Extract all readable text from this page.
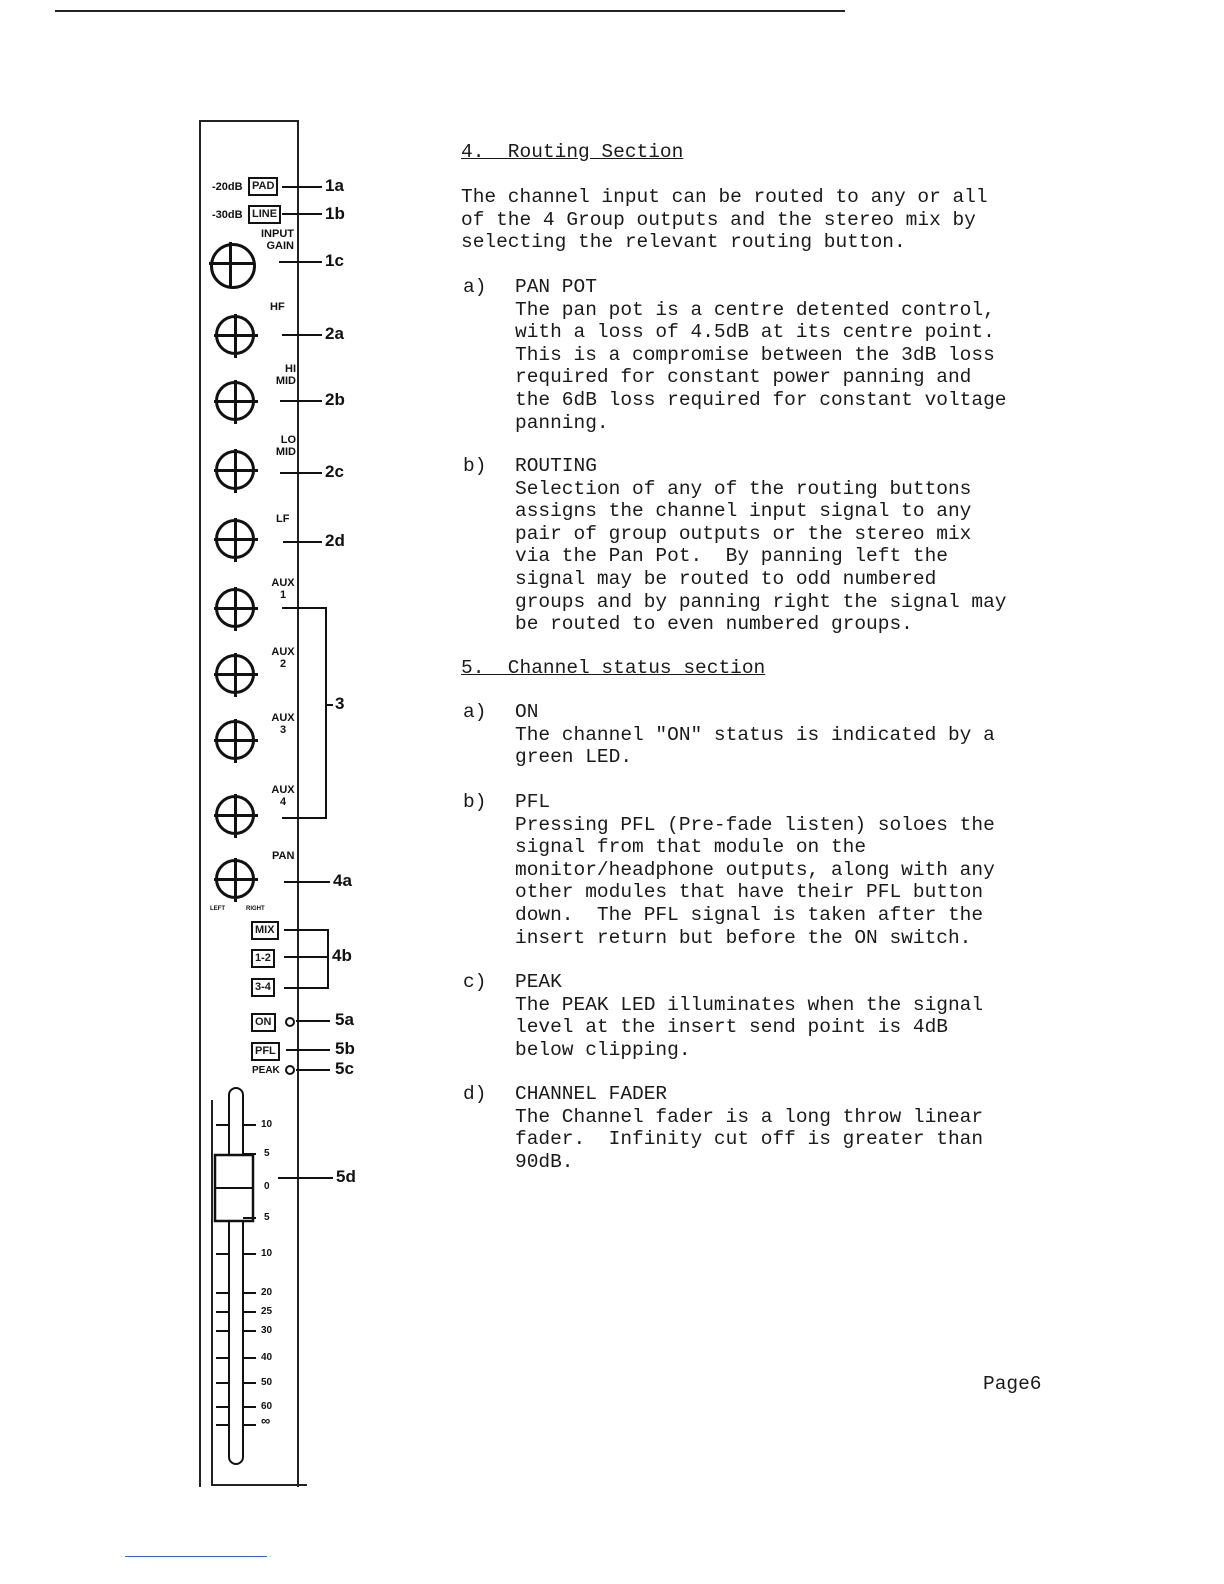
-20dB PAD
-30dB LINE
INPUT GAIN
HF
HI MID
LO MID
LF
AUX 1
AUX 2
AUX 3
AUX 4
PAN
LEFT	RIGHT
MIX
1-2
3-4
ON
PFL
PEAK
10
5
0
5
10
20
25
30
40
50
60
∞
1a
1b
1c
2a
2b
2c
2d
3
4a
4b
5a
5b
5c
5d
4.  Routing Section
The channel input can be routed to any or all
of the 4 Group outputs and the stereo mix by
selecting the relevant routing button.
a) PAN POT
The pan pot is a centre detented control,
with a loss of 4.5dB at its centre point.
This is a compromise between the 3dB loss
required for constant power panning and
the 6dB loss required for constant voltage
panning.
b) ROUTING
Selection of any of the routing buttons
assigns the channel input signal to any
pair of group outputs or the stereo mix
via the Pan Pot.  By panning left the
signal may be routed to odd numbered
groups and by panning right the signal may
be routed to even numbered groups.
5.  Channel status section
a) ON
The channel "ON" status is indicated by a
green LED.
b) PFL
Pressing PFL (Pre-fade listen) soloes the
signal from that module on the
monitor/headphone outputs, along with any
other modules that have their PFL button
down.  The PFL signal is taken after the
insert return but before the ON switch.
c) PEAK
The PEAK LED illuminates when the signal
level at the insert send point is 4dB
below clipping.
d) CHANNEL FADER
The Channel fader is a long throw linear
fader.  Infinity cut off is greater than
90dB.
Page6
